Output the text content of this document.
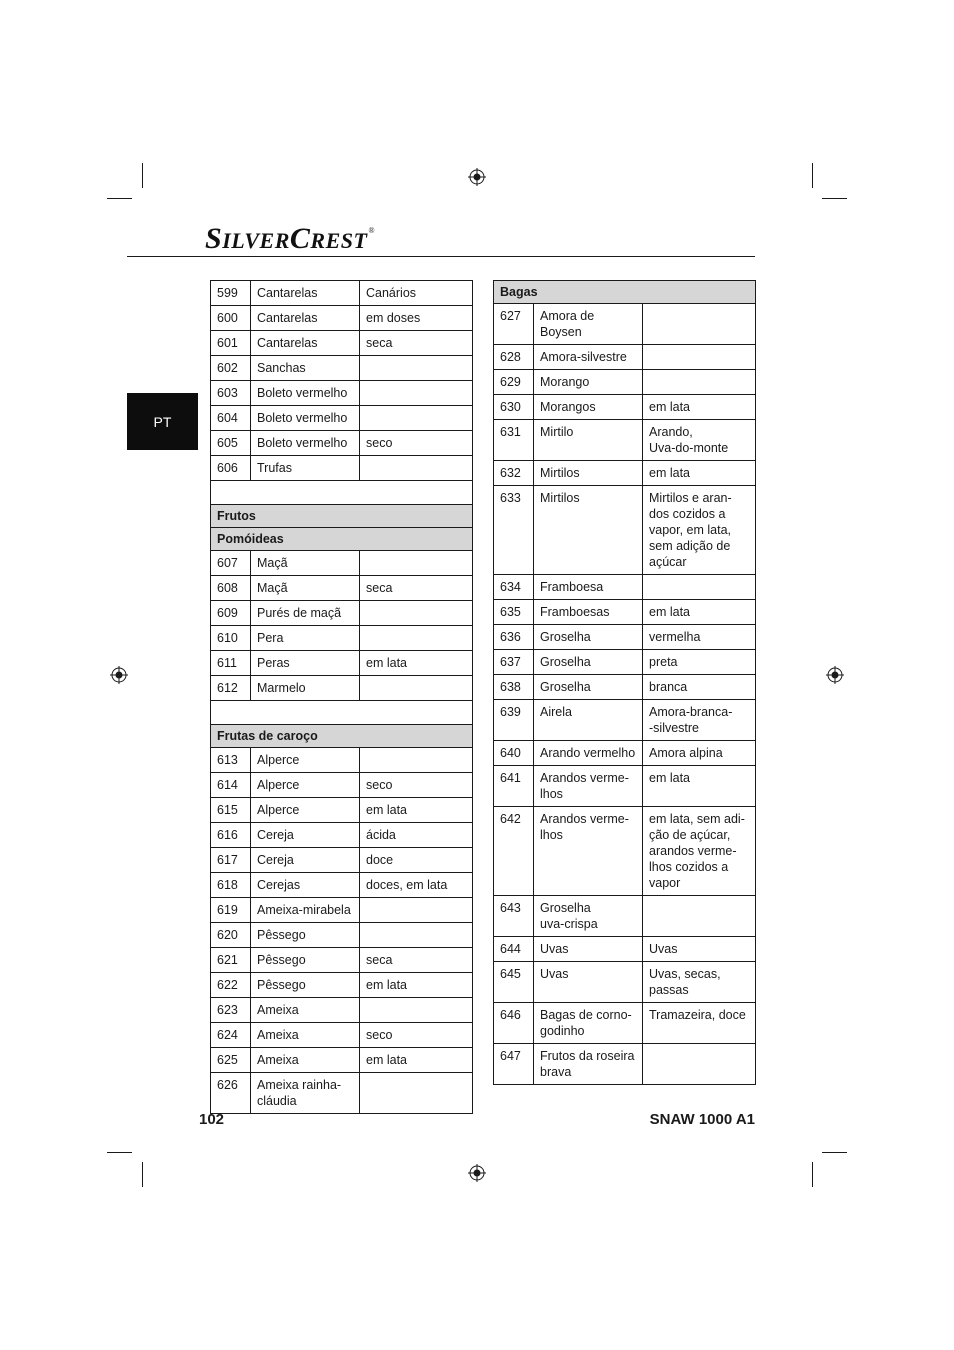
SILVERCREST®
PT
599	Cantarelas	Canários
600	Cantarelas	em doses
601	Cantarelas	seca
602	Sanchas	
603	Boleto vermelho	
604	Boleto vermelho	
605	Boleto vermelho	seco
606	Trufas	

Frutos		
Pomóideas		
607	Maçã	
608	Maçã	seca
609	Purés de maçã	
610	Pera	
611	Peras	em lata
612	Marmelo	

Frutas de caroço		
613	Alperce	
614	Alperce	seco
615	Alperce	em lata
616	Cereja	ácida
617	Cereja	doce
618	Cerejas	doces, em lata
619	Ameixa-mirabela	
620	Pêssego	
621	Pêssego	seca
622	Pêssego	em lata
623	Ameixa	
624	Ameixa	seco
625	Ameixa	em lata
626	Ameixa rainha-
cláudia	
Bagas		
627	Amora de
Boysen	
628	Amora-silvestre	
629	Morango	
630	Morangos	em lata
631	Mirtilo	Arando,
Uva-do-monte
632	Mirtilos	em lata
633	Mirtilos	Mirtilos e aran-
dos cozidos a
vapor, em lata,
sem adição de
açúcar
634	Framboesa	
635	Framboesas	em lata
636	Groselha	vermelha
637	Groselha	preta
638	Groselha	branca
639	Airela	Amora-branca-
-silvestre
640	Arando vermelho	Amora alpina
641	Arandos verme-
lhos	em lata
642	Arandos verme-
lhos	em lata, sem adi-
ção de açúcar,
arandos verme-
lhos cozidos a
vapor
643	Groselha
uva-crispa	
644	Uvas	Uvas
645	Uvas	Uvas, secas,
passas
646	Bagas de corno-
godinho	Tramazeira, doce
647	Frutos da roseira
brava	
102	SNAW 1000 A1
